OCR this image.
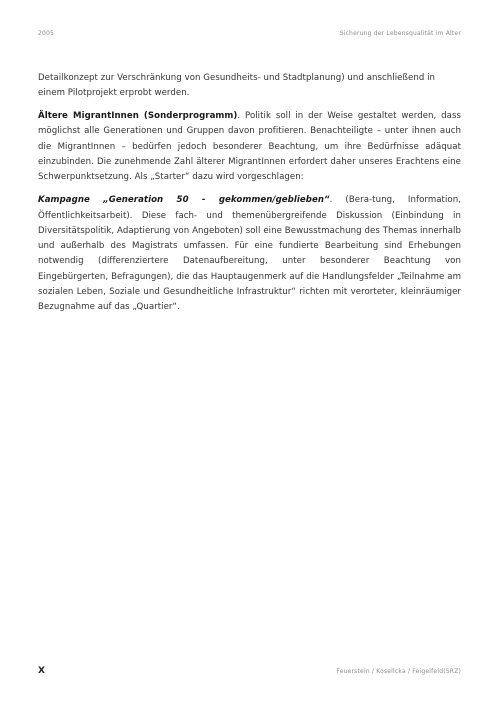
2005	Sicherung der Lebensqualität im Alter

Detailkonzept zur Verschränkung von Gesundheits- und Stadtplanung) und anschließend in einem Pilotprojekt erprobt werden.

Ältere MigrantInnen (Sonderprogramm). Politik soll in der Weise gestaltet werden, dass möglichst alle Generationen und Gruppen davon profitieren. Benachteiligte – unter ihnen auch die MigrantInnen – bedürfen jedoch besonderer Beachtung, um ihre Bedürfnisse adäquat einzubinden. Die zunehmende Zahl älterer MigrantInnen erfordert daher unseres Erachtens eine Schwerpunktsetzung. Als „Starter“ dazu wird vorgeschlagen:

Kampagne „Generation 50 - gekommen/geblieben“. (Bera-tung, Information, Öffentlichkeitsarbeit). Diese fach- und themenübergreifende Diskussion (Einbindung in Diversitätspolitik, Adaptierung von Angeboten) soll eine Bewusstmachung des Themas innerhalb und außerhalb des Magistrats umfassen. Für eine fundierte Bearbeitung sind Erhebungen notwendig (differenziertere Datenaufbereitung, unter besonderer Beachtung von Eingebürgerten, Befragungen), die das Hauptaugenmerk auf die Handlungsfelder „Teilnahme am sozialen Leben, Soziale und Gesundheitliche Infrastruktur“ richten mit verorteter, kleinräumiger Bezugnahme auf das „Quartier“.

X	Feuerstein / Kosellcka / Feigelfeld(SRZ)
